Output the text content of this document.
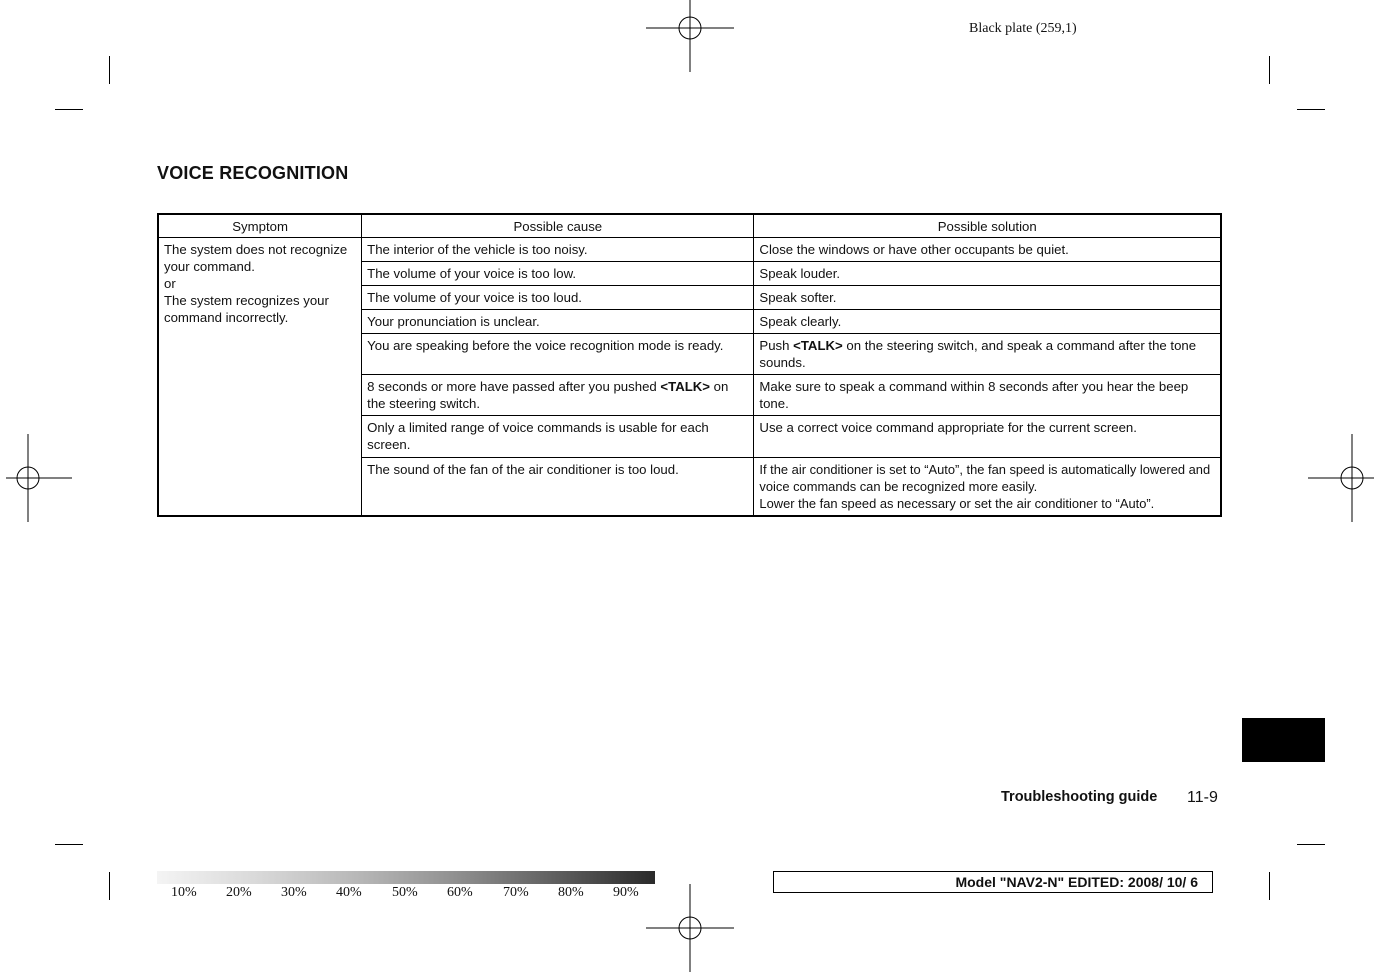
Black plate (259,1)
VOICE RECOGNITION
Symptom	Possible cause	Possible solution

The system does not recognize
your command.
or
The system recognizes your
command incorrectly.	The interior of the vehicle is too noisy.	Close the windows or have other occupants be quiet.
	The volume of your voice is too low.	Speak louder.
	The volume of your voice is too loud.	Speak softer.
	Your pronunciation is unclear.	Speak clearly.
	You are speaking before the voice recognition mode is ready.	Push <TALK> on the steering switch, and speak a command after the tone sounds.
	8 seconds or more have passed after you pushed <TALK> on the steering switch.	Make sure to speak a command within 8 seconds after you hear the beep tone.
	Only a limited range of voice commands is usable for each screen.	Use a correct voice command appropriate for the current screen.
	The sound of the fan of the air conditioner is too loud.	If the air conditioner is set to “Auto”, the fan speed is automatically lowered and voice commands can be recognized more easily.
Lower the fan speed as necessary or set the air conditioner to “Auto”.
Troubleshooting guide 11-9
10% 20% 30% 40% 50% 60% 70% 80% 90%
Model "NAV2-N" EDITED: 2008/ 10/ 6
